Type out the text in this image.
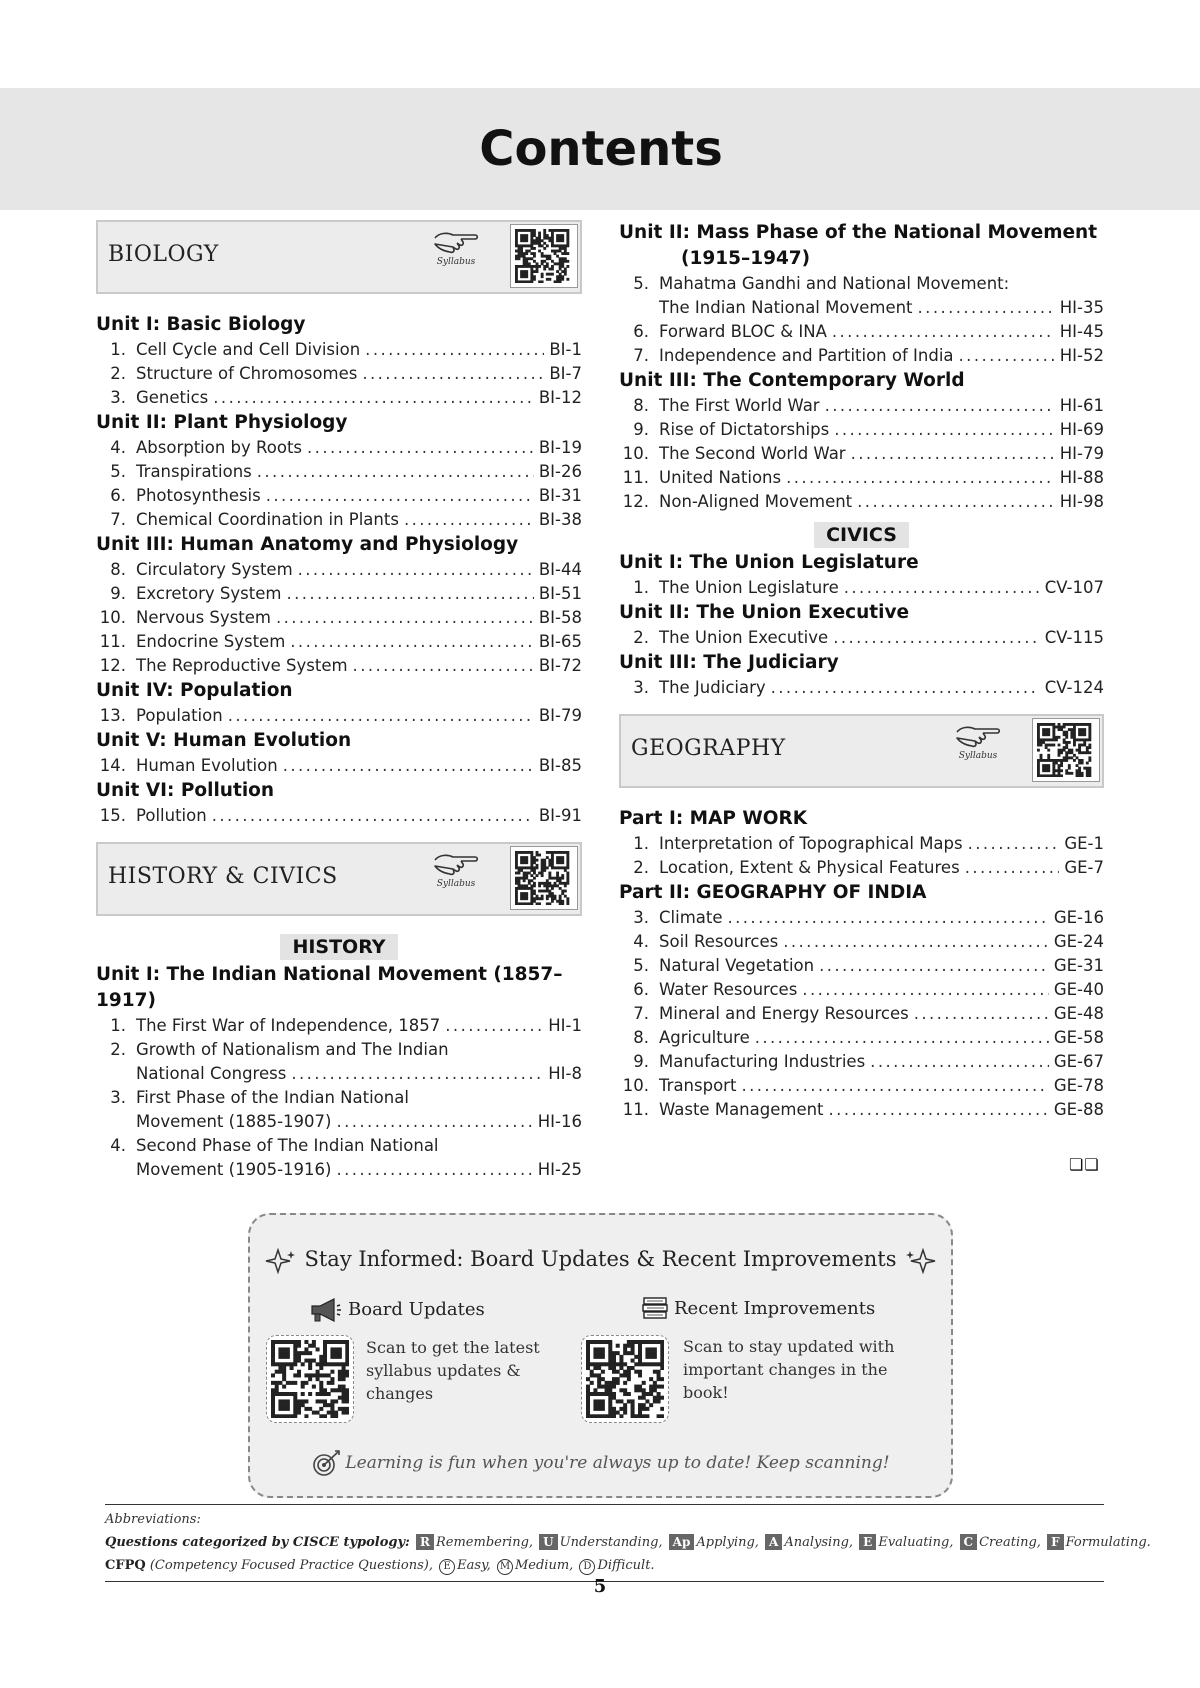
Contents
BIOLOGY	Syllabus
Unit I: Basic Biology
1. Cell Cycle and Cell Division .....	BI-1
2. Structure of Chromosomes .....	BI-7
3. Genetics .....	BI-12
Unit II: Plant Physiology
4. Absorption by Roots .....	BI-19
5. Transpirations .....	BI-26
6. Photosynthesis .....	BI-31
7. Chemical Coordination in Plants .....	BI-38
Unit III: Human Anatomy and Physiology
8. Circulatory System .....	BI-44
9. Excretory System .....	BI-51
10. Nervous System .....	BI-58
11. Endocrine System .....	BI-65
12. The Reproductive System .....	BI-72
Unit IV: Population
13. Population .....	BI-79
Unit V: Human Evolution
14. Human Evolution .....	BI-85
Unit VI: Pollution
15. Pollution .....	BI-91
HISTORY & CIVICS	Syllabus
HISTORY
Unit I: The Indian National Movement (1857–1917)
1. The First War of Independence, 1857 .....	HI-1
2. Growth of Nationalism and The Indian
National Congress .....	HI-8
3. First Phase of the Indian National
Movement (1885-1907) .....	HI-16
4. Second Phase of The Indian National
Movement (1905-1916) .....	HI-25
Unit II: Mass Phase of the National Movement
(1915–1947)
5. Mahatma Gandhi and National Movement:
The Indian National Movement .....	HI-35
6. Forward BLOC & INA .....	HI-45
7. Independence and Partition of India .....	HI-52
Unit III: The Contemporary World
8. The First World War .....	HI-61
9. Rise of Dictatorships .....	HI-69
10. The Second World War .....	HI-79
11. United Nations .....	HI-88
12. Non-Aligned Movement .....	HI-98
CIVICS
Unit I: The Union Legislature
1. The Union Legislature .....	CV-107
Unit II: The Union Executive
2. The Union Executive .....	CV-115
Unit III: The Judiciary
3. The Judiciary .....	CV-124
GEOGRAPHY	Syllabus
Part I: MAP WORK
1. Interpretation of Topographical Maps .....	GE-1
2. Location, Extent & Physical Features .....	GE-7
Part II: GEOGRAPHY OF INDIA
3. Climate .....	GE-16
4. Soil Resources .....	GE-24
5. Natural Vegetation .....	GE-31
6. Water Resources .....	GE-40
7. Mineral and Energy Resources .....	GE-48
8. Agriculture .....	GE-58
9. Manufacturing Industries .....	GE-67
10. Transport .....	GE-78
11. Waste Management .....	GE-88
❏❏
Stay Informed: Board Updates & Recent Improvements
Board Updates
Scan to get the latest
syllabus updates &
changes
Recent Improvements
Scan to stay updated with
important changes in the
book!
Learning is fun when you're always up to date! Keep scanning!
Abbreviations:
Questions categorized by CISCE typology: R Remembering, U Understanding, Ap Applying, A Analysing, E Evaluating, C Creating, F Formulating.
CFPQ (Competency Focused Practice Questions), E Easy, M Medium, D Difficult.
5
